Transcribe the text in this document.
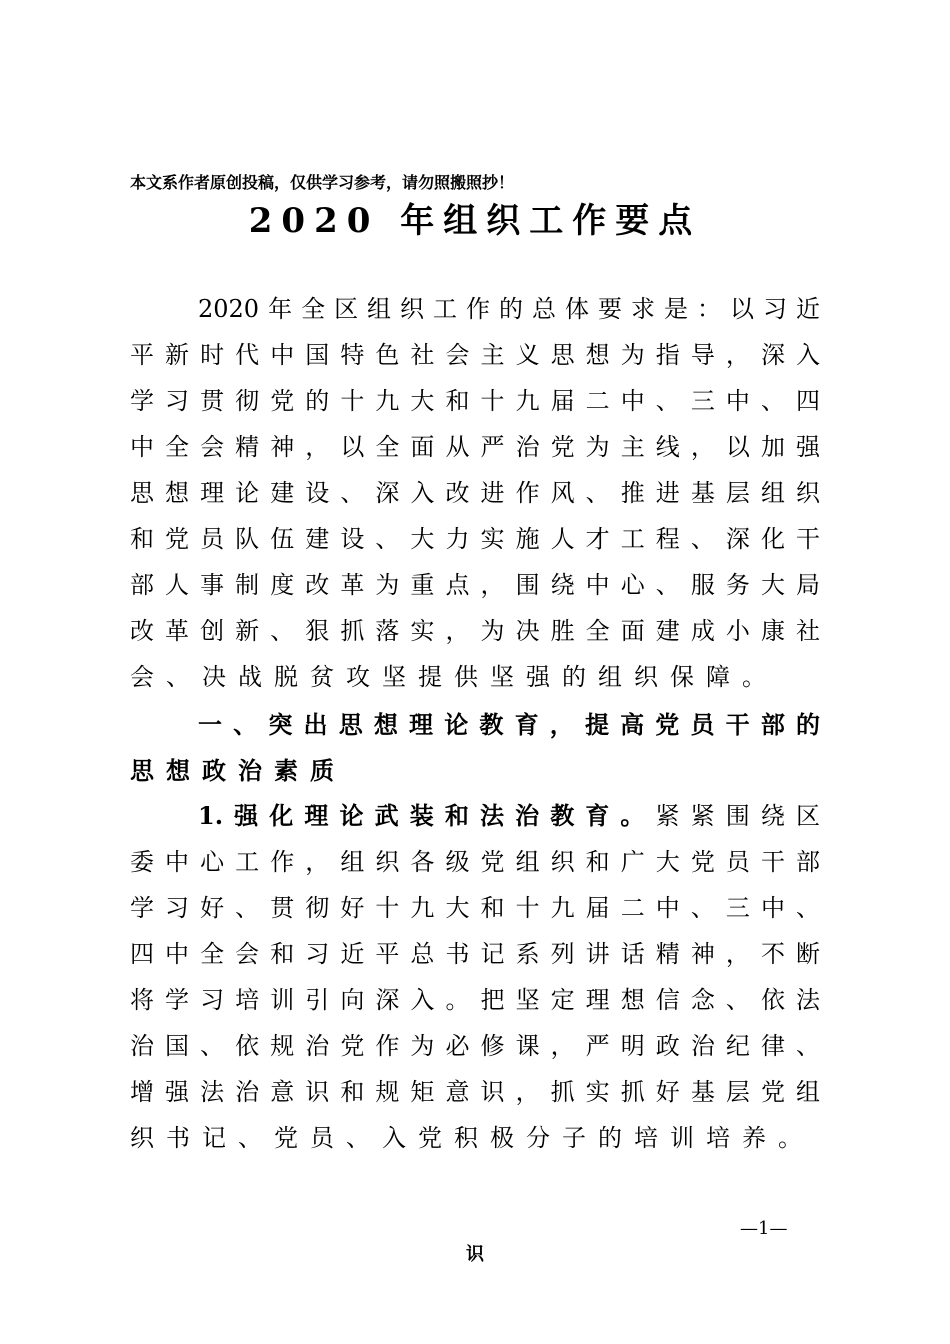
本文系作者原创投稿，仅供学习参考，请勿照搬照抄！
2020 年组织工作要点
2020年全区组织工作的总体要求是：以习近
平新时代中国特色社会主义思想为指导，深入
学习贯彻党的十九大和十九届二中、三中、四
中全会精神，以全面从严治党为主线，以加强
思想理论建设、深入改进作风、推进基层组织
和党员队伍建设、大力实施人才工程、深化干
部人事制度改革为重点，围绕中心、服务大局
改革创新、狠抓落实，为决胜全面建成小康社
会、决战脱贫攻坚提供坚强的组织保障。
一、突出思想理论教育，提高党员干部的
思想政治素质
1.强化理论武装和法治教育。紧紧围绕区
委中心工作，组织各级党组织和广大党员干部
学习好、贯彻好十九大和十九届二中、三中、
四中全会和习近平总书记系列讲话精神，不断
将学习培训引向深入。把坚定理想信念、依法
治国、依规治党作为必修课，严明政治纪律、
增强法治意识和规矩意识，抓实抓好基层党组
织书记、党员、入党积极分子的培训培养。
—1—
识
